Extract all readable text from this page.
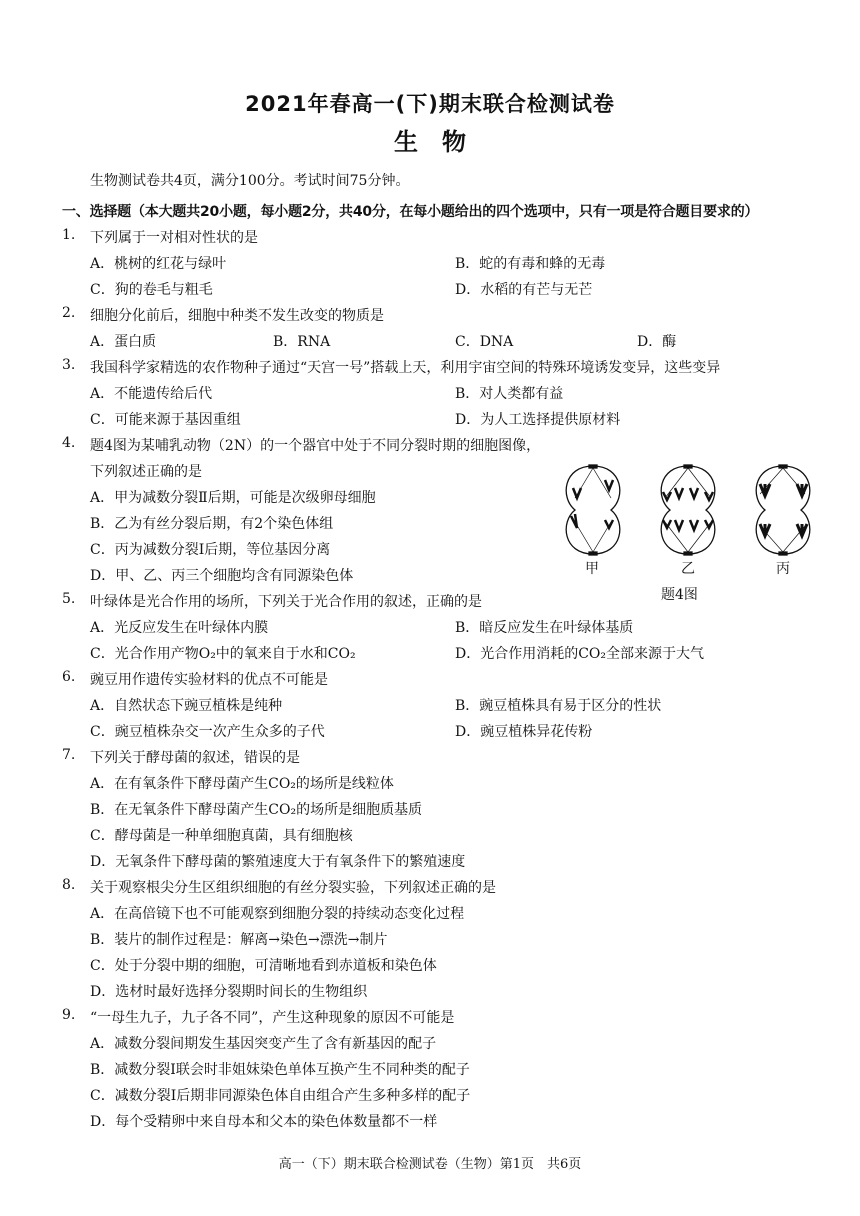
2021年春高一(下)期末联合检测试卷
生　物
生物测试卷共4页，满分100分。考试时间75分钟。
一、选择题（本大题共20小题，每小题2分，共40分，在每小题给出的四个选项中，只有一项是符合题目要求的）
1. 下列属于一对相对性状的是
A．桃树的红花与绿叶	B．蛇的有毒和蜂的无毒
C．狗的卷毛与粗毛	D．水稻的有芒与无芒
2. 细胞分化前后，细胞中种类不发生改变的物质是
A．蛋白质	B．RNA	C．DNA	D．酶
3. 我国科学家精选的农作物种子通过“天宫一号”搭载上天，利用宇宙空间的特殊环境诱发变异，这些变异
A．不能遗传给后代	B．对人类都有益
C．可能来源于基因重组	D．为人工选择提供原材料
4. 题4图为某哺乳动物（2N）的一个器官中处于不同分裂时期的细胞图像，
下列叙述正确的是
A．甲为减数分裂Ⅱ后期，可能是次级卵母细胞
B．乙为有丝分裂后期，有2个染色体组
C．丙为减数分裂Ⅰ后期，等位基因分离
D．甲、乙、丙三个细胞均含有同源染色体	甲	乙	丙
题4图
5. 叶绿体是光合作用的场所，下列关于光合作用的叙述，正确的是
A．光反应发生在叶绿体内膜	B．暗反应发生在叶绿体基质
C．光合作用产物O₂中的氧来自于水和CO₂	D．光合作用消耗的CO₂全部来源于大气
6. 豌豆用作遗传实验材料的优点不可能是
A．自然状态下豌豆植株是纯种	B．豌豆植株具有易于区分的性状
C．豌豆植株杂交一次产生众多的子代	D．豌豆植株异花传粉
7. 下列关于酵母菌的叙述，错误的是
A．在有氧条件下酵母菌产生CO₂的场所是线粒体
B．在无氧条件下酵母菌产生CO₂的场所是细胞质基质
C．酵母菌是一种单细胞真菌，具有细胞核
D．无氧条件下酵母菌的繁殖速度大于有氧条件下的繁殖速度
8. 关于观察根尖分生区组织细胞的有丝分裂实验，下列叙述正确的是
A．在高倍镜下也不可能观察到细胞分裂的持续动态变化过程
B．装片的制作过程是：解离→染色→漂洗→制片
C．处于分裂中期的细胞，可清晰地看到赤道板和染色体
D．选材时最好选择分裂期时间长的生物组织
9. “一母生九子，九子各不同”，产生这种现象的原因不可能是
A．减数分裂间期发生基因突变产生了含有新基因的配子
B．减数分裂Ⅰ联会时非姐妹染色单体互换产生不同种类的配子
C．减数分裂Ⅰ后期非同源染色体自由组合产生多种多样的配子
D．每个受精卵中来自母本和父本的染色体数量都不一样
高一（下）期末联合检测试卷（生物）第1页　共6页
